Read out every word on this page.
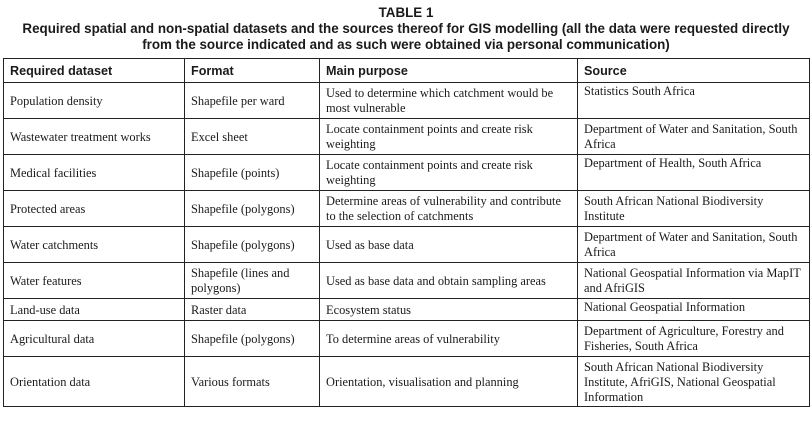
TABLE 1
Required spatial and non-spatial datasets and the sources thereof for GIS modelling (all the data were requested directly from the source indicated and as such were obtained via personal communication)
Required dataset	Format	Main purpose	Source
Population density	Shapefile per ward	Used to determine which catchment would be most vulnerable	Statistics South Africa
Wastewater treatment works	Excel sheet	Locate containment points and create risk weighting	Department of Water and Sanitation, South Africa
Medical facilities	Shapefile (points)	Locate containment points and create risk weighting	Department of Health, South Africa
Protected areas	Shapefile (polygons)	Determine areas of vulnerability and contribute to the selection of catchments	South African National Biodiversity Institute
Water catchments	Shapefile (polygons)	Used as base data	Department of Water and Sanitation, South Africa
Water features	Shapefile (lines and polygons)	Used as base data and obtain sampling areas	National Geospatial Information via MapIT and AfriGIS
Land-use data	Raster data	Ecosystem status	National Geospatial Information
Agricultural data	Shapefile (polygons)	To determine areas of vulnerability	Department of Agriculture, Forestry and Fisheries, South Africa
Orientation data	Various formats	Orientation, visualisation and planning	South African National Biodiversity Institute, AfriGIS, National Geospatial Information
